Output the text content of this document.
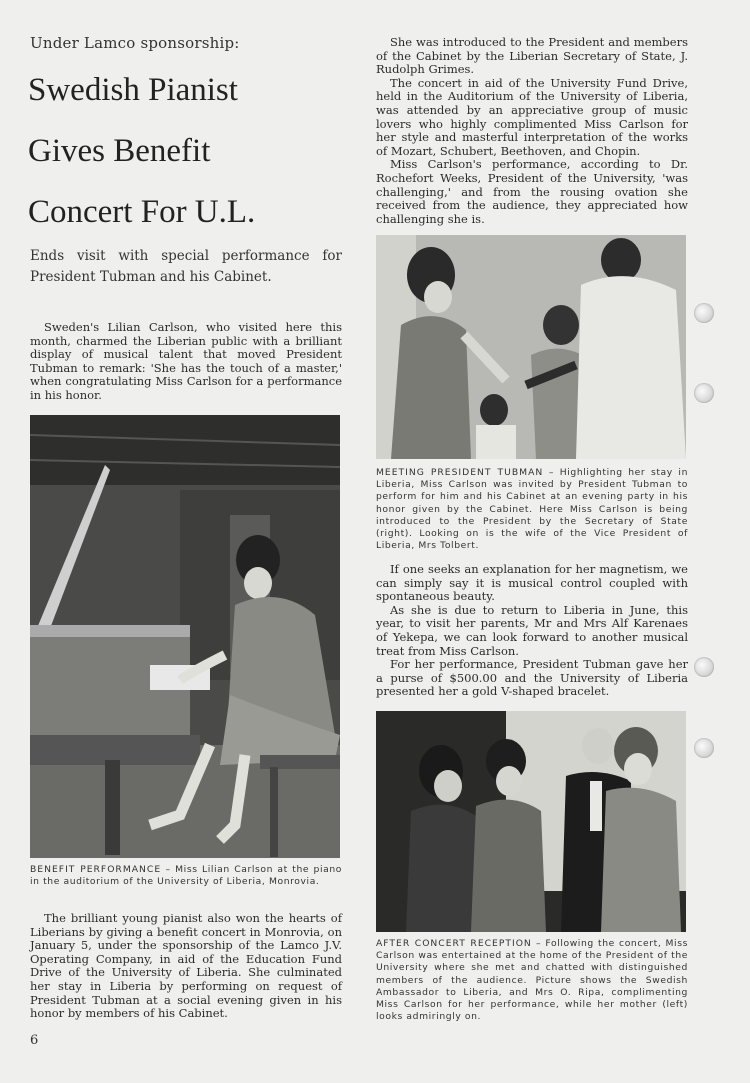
Under Lamco sponsorship:
Swedish Pianist
Gives Benefit
Concert For U.L.
Ends visit with special performance for President Tubman and his Cabinet.

Sweden's Lilian Carlson, who visited here this month, charmed the Liberian public with a brilliant display of musical talent that moved President Tubman to remark: 'She has the touch of a master,' when congratulating Miss Carlson for a performance in his honor.

BENEFIT PERFORMANCE – Miss Lilian Carlson at the piano in the auditorium of the University of Liberia, Monrovia.

The brilliant young pianist also won the hearts of Liberians by giving a benefit concert in Monrovia, on January 5, under the sponsorship of the Lamco J.V. Operating Company, in aid of the Education Fund Drive of the University of Liberia. She culminated her stay in Liberia by performing on request of President Tubman at a social evening given in his honor by members of his Cabinet.

She was introduced to the President and members of the Cabinet by the Liberian Secretary of State, J. Rudolph Grimes.

The concert in aid of the University Fund Drive, held in the Auditorium of the University of Liberia, was attended by an appreciative group of music lovers who highly complimented Miss Carlson for her style and masterful interpretation of the works of Mozart, Schubert, Beethoven, and Chopin.

Miss Carlson's performance, according to Dr. Rochefort Weeks, President of the University, 'was challenging,' and from the rousing ovation she received from the audience, they appreciated how challenging she is.

MEETING PRESIDENT TUBMAN – Highlighting her stay in Liberia, Miss Carlson was invited by President Tubman to perform for him and his Cabinet at an evening party in his honor given by the Cabinet. Here Miss Carlson is being introduced to the President by the Secretary of State (right). Looking on is the wife of the Vice President of Liberia, Mrs Tolbert.

If one seeks an explanation for her magnetism, we can simply say it is musical control coupled with spontaneous beauty.

As she is due to return to Liberia in June, this year, to visit her parents, Mr and Mrs Alf Karenaes of Yekepa, we can look forward to another musical treat from Miss Carlson.

For her performance, President Tubman gave her a purse of $500.00 and the University of Liberia presented her a gold V-shaped bracelet.

AFTER CONCERT RECEPTION – Following the concert, Miss Carlson was entertained at the home of the President of the University where she met and chatted with distinguished members of the audience. Picture shows the Swedish Ambassador to Liberia, and Mrs O. Ripa, complimenting Miss Carlson for her performance, while her mother (left) looks admiringly on.
6
